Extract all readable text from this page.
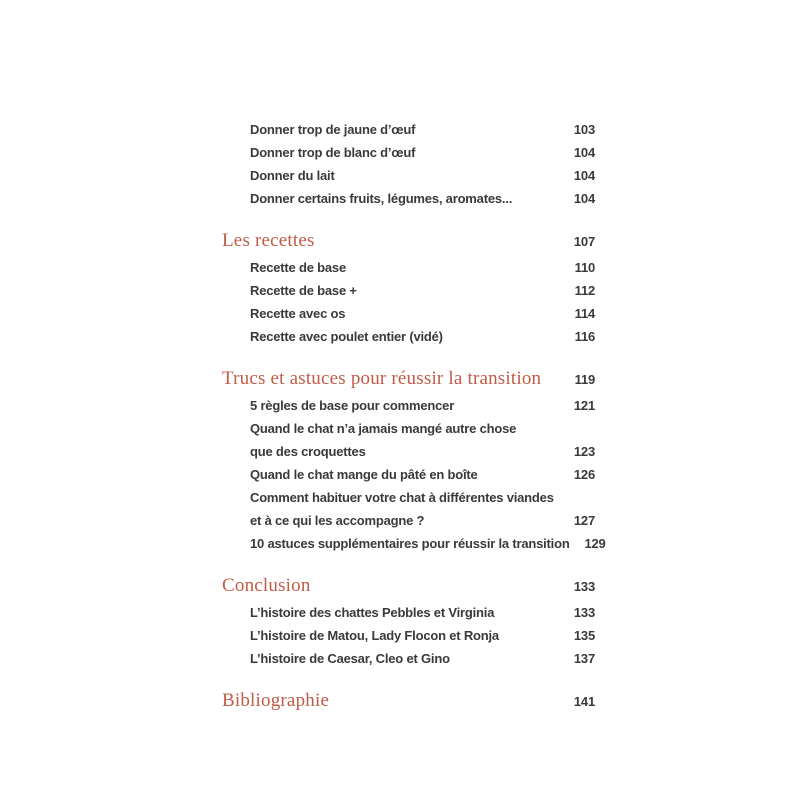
Donner trop de jaune d’œuf	103
Donner trop de blanc d’œuf	104
Donner du lait	104
Donner certains fruits, légumes, aromates...	104
Les recettes	107
Recette de base	110
Recette de base +	112
Recette avec os	114
Recette avec poulet entier (vidé)	116
Trucs et astuces pour réussir la transition	119
5 règles de base pour commencer	121
Quand le chat n’a jamais mangé autre chose
que des croquettes	123
Quand le chat mange du pâté en boîte	126
Comment habituer votre chat à différentes viandes
et à ce qui les accompagne ?	127
10 astuces supplémentaires pour réussir la transition	129
Conclusion	133
L’histoire des chattes Pebbles et Virginia	133
L’histoire de Matou, Lady Flocon et Ronja	135
L’histoire de Caesar, Cleo et Gino	137
Bibliographie	141
